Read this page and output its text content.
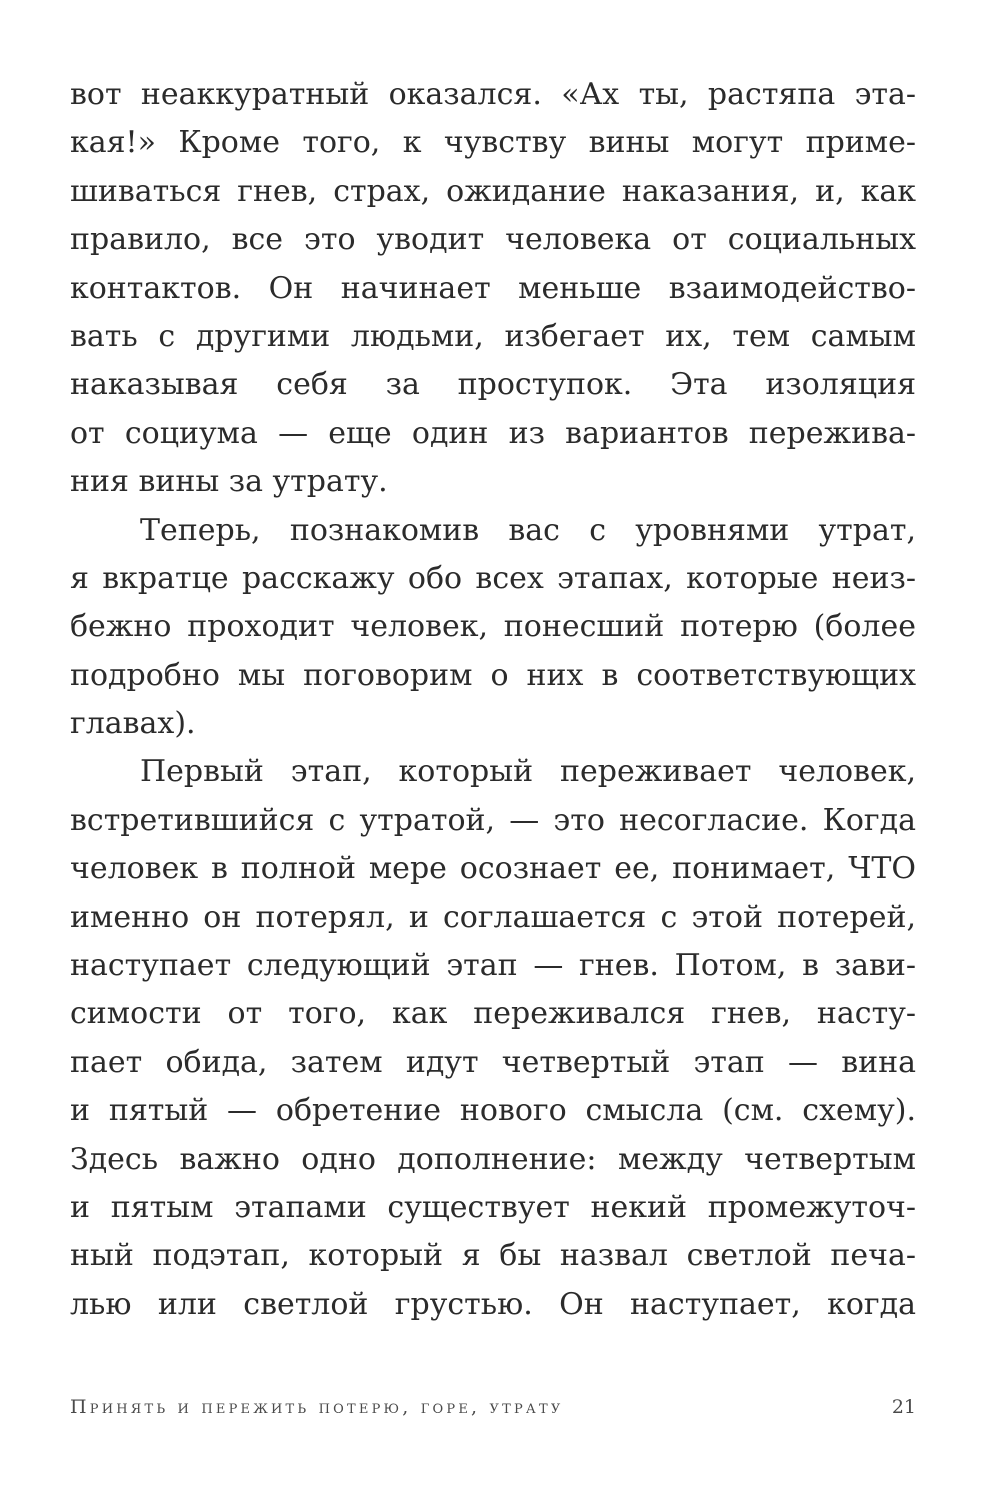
вот неаккуратный оказался. «Ах ты, растяпа эта-
кая!» Кроме того, к чувству вины могут приме-
шиваться гнев, страх, ожидание наказания, и, как
правило, все это уводит человека от социальных
контактов. Он начинает меньше взаимодейство-
вать с другими людьми, избегает их, тем самым
наказывая себя за проступок. Эта изоляция
от социума — еще один из вариантов пережива-
ния вины за утрату.
Теперь, познакомив вас с уровнями утрат,
я вкратце расскажу обо всех этапах, которые неиз-
бежно проходит человек, понесший потерю (более
подробно мы поговорим о них в соответствующих
главах).
Первый этап, который переживает человек,
встретившийся с утратой, — это несогласие. Когда
человек в полной мере осознает ее, понимает, ЧТО
именно он потерял, и соглашается с этой потерей,
наступает следующий этап — гнев. Потом, в зави-
симости от того, как переживался гнев, насту-
пает обида, затем идут четвертый этап — вина
и пятый — обретение нового смысла (см. схему).
Здесь важно одно дополнение: между четвертым
и пятым этапами существует некий промежуточ-
ный подэтап, который я бы назвал светлой печа-
лью или светлой грустью. Он наступает, когда
Принять и пережить потерю, горе, утрату	21
